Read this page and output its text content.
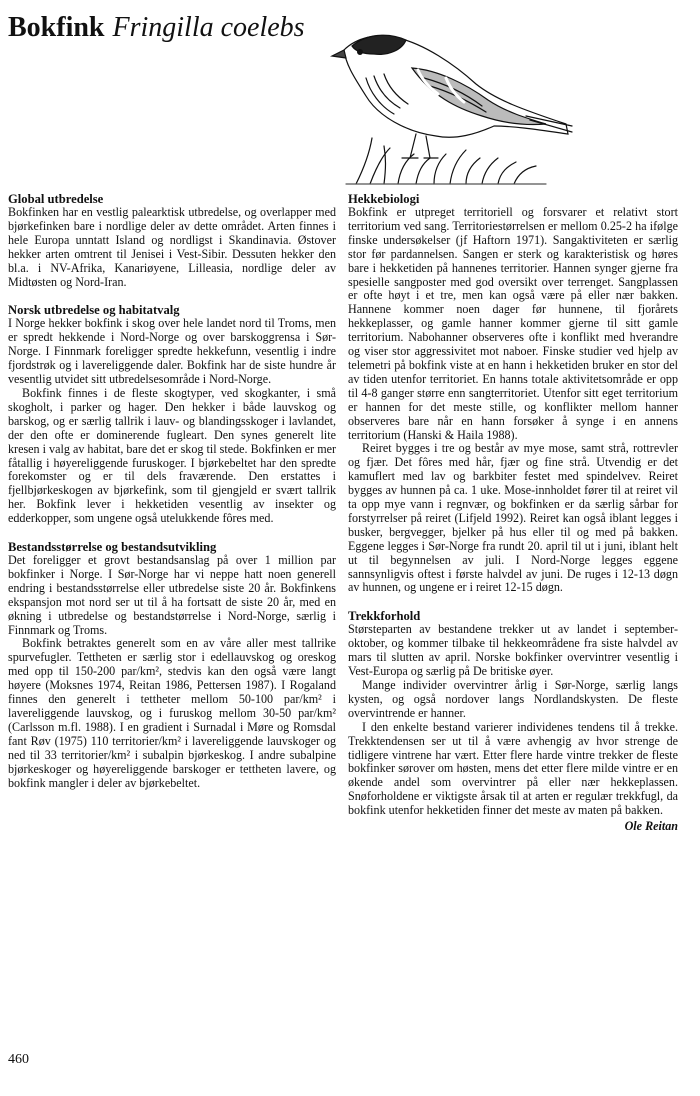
Bokfink Fringilla coelebs

Global utbredelse

Bokfinken har en vestlig palearktisk utbredelse, og overlapper med bjørkefinken bare i nordlige deler av dette området. Arten finnes i hele Europa unntatt Island og nordligst i Skandinavia. Østover hekker arten omtrent til Jenisei i Vest-Sibir. Dessuten hekker den bl.a. i NV-Afrika, Kanariøyene, Lilleasia, nordlige deler av Midtøsten og Nord-Iran.

Norsk utbredelse og habitatvalg

I Norge hekker bokfink i skog over hele landet nord til Troms, men er spredt hekkende i Nord-Norge og over barskoggrensa i Sør-Norge. I Finnmark foreligger spredte hekkefunn, vesentlig i indre fjordstrøk og i lavereliggende daler. Bokfink har de siste hundre år vesentlig utvidet sitt utbredelsesområde i Nord-Norge.

Bokfink finnes i de fleste skogtyper, ved skogkanter, i små skogholt, i parker og hager. Den hekker i både lauvskog og barskog, og er særlig tallrik i lauv- og blandingsskoger i lavlandet, der den ofte er dominerende fugleart. Den synes generelt lite kresen i valg av habitat, bare det er skog til stede. Bokfinken er mer fåtallig i høyereliggende furuskoger. I bjørkebeltet har den spredte forekomster og er til dels fraværende. Den erstattes i fjellbjørkeskogen av bjørkefink, som til gjengjeld er svært tallrik her. Bokfink lever i hekketiden vesentlig av insekter og edderkopper, som ungene også utelukkende fôres med.

Bestandsstørrelse og bestandsutvikling

Det foreligger et grovt bestandsanslag på over 1 million par bokfinker i Norge. I Sør-Norge har vi neppe hatt noen generell endring i bestandsstørrelse eller utbredelse siste 20 år. Bokfinkens ekspansjon mot nord ser ut til å ha fortsatt de siste 20 år, med en økning i utbredelse og bestandstørrelse i Nord-Norge, særlig i Finnmark og Troms.

Bokfink betraktes generelt som en av våre aller mest tallrike spurvefugler. Tettheten er særlig stor i edellauvskog og oreskog med opp til 150-200 par/km², stedvis kan den også være langt høyere (Moksnes 1974, Reitan 1986, Pettersen 1987). I Rogaland finnes den generelt i tettheter mellom 50-100 par/km² i lavereliggende lauvskog, og i furuskog mellom 30-50 par/km² (Carlsson m.fl. 1988). I en gradient i Surnadal i Møre og Romsdal fant Røv (1975) 110 territorier/km² i lavereliggende lauvskoger og ned til 33 territorier/km² i subalpin bjørkeskog. I andre subalpine bjørkeskoger og høyereliggende barskoger er tettheten lavere, og bokfink mangler i deler av bjørkebeltet.

Hekkebiologi

Bokfink er utpreget territoriell og forsvarer et relativt stort territorium ved sang. Territoriestørrelsen er mellom 0.25-2 ha ifølge finske undersøkelser (jf Haftorn 1971). Sangaktiviteten er særlig stor før pardannelsen. Sangen er sterk og karakteristisk og høres bare i hekketiden på hannenes territorier. Hannen synger gjerne fra spesielle sangposter med god oversikt over terrenget. Sangplassen er ofte høyt i et tre, men kan også være på eller nær bakken. Hannene kommer noen dager før hunnene, til fjorårets hekkeplasser, og gamle hanner kommer gjerne til sitt gamle territorium. Nabohanner observeres ofte i konflikt med hverandre og viser stor aggressivitet mot naboer. Finske studier ved hjelp av telemetri på bokfink viste at en hann i hekketiden bruker en stor del av tiden utenfor territoriet. En hanns totale aktivitetsområde er opp til 4-8 ganger større enn sangterritoriet. Utenfor sitt eget territorium er hannen for det meste stille, og konflikter mellom hanner observeres bare når en hann forsøker å synge i en annens territorium (Hanski & Haila 1988).

Reiret bygges i tre og består av mye mose, samt strå, rottrevler og fjær. Det fôres med hår, fjær og fine strå. Utvendig er det kamuflert med lav og barkbiter festet med spindelvev. Reiret bygges av hunnen på ca. 1 uke. Mose-innholdet fører til at reiret vil ta opp mye vann i regnvær, og bokfinken er da særlig sårbar for forstyrrelser på reiret (Lifjeld 1992). Reiret kan også iblant legges i busker, bergvegger, bjelker på hus eller til og med på bakken. Eggene legges i Sør-Norge fra rundt 20. april til ut i juni, iblant helt ut til begynnelsen av juli. I Nord-Norge legges eggene sannsynligvis oftest i første halvdel av juni. De ruges i 12-13 døgn av hunnen, og ungene er i reiret 12-15 døgn.

Trekkforhold

Størsteparten av bestandene trekker ut av landet i september-oktober, og kommer tilbake til hekkeområdene fra siste halvdel av mars til slutten av april. Norske bokfinker overvintrer vesentlig i Vest-Europa og særlig på De britiske øyer.

Mange individer overvintrer årlig i Sør-Norge, særlig langs kysten, og også nordover langs Nordlandskysten. De fleste overvintrende er hanner.

I den enkelte bestand varierer individenes tendens til å trekke. Trekktendensen ser ut til å være avhengig av hvor strenge de tidligere vintrene har vært. Etter flere harde vintre trekker de fleste bokfinker sørover om høsten, mens det etter flere milde vintre er en økende andel som overvintrer på eller nær hekkeplassen. Snøforholdene er viktigste årsak til at arten er regulær trekkfugl, da bokfink utenfor hekketiden finner det meste av maten på bakken.

Ole Reitan

460
